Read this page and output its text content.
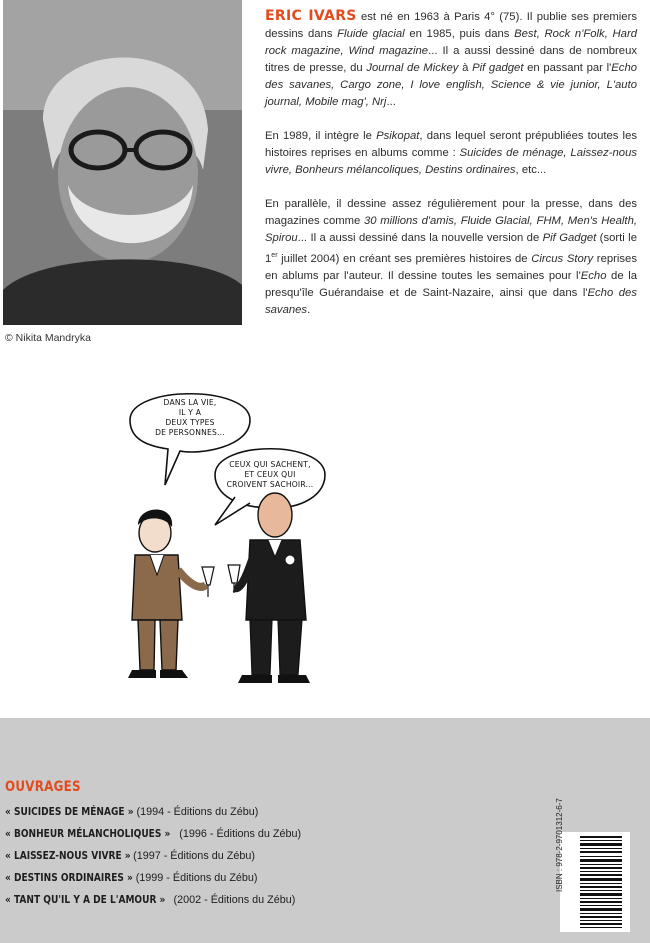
© Nikita Mandryka

ERIC IVARS est né en 1963 à Paris 4° (75). Il publie ses premiers dessins dans Fluide glacial en 1985, puis dans Best, Rock n'Folk, Hard rock magazine, Wind magazine... Il a aussi dessiné dans de nombreux titres de presse, du Journal de Mickey à Pif gadget en passant par l'Echo des savanes, Cargo zone, I love english, Science & vie junior, L'auto journal, Mobile mag', Nrj...

En 1989, il intègre le Psikopat, dans lequel seront prépubliées toutes les histoires reprises en albums comme : Suicides de ménage, Laissez-nous vivre, Bonheurs mélancoliques, Destins ordinaires, etc...

En parallèle, il dessine assez régulièrement pour la presse, dans des magazines comme 30 millions d'amis, Fluide Glacial, FHM, Men's Health, Spirou... Il a aussi dessiné dans la nouvelle version de Pif Gadget (sorti le 1er juillet 2004) en créant ses premières histoires de Circus Story reprises en ablums par l'auteur. Il dessine toutes les semaines pour l'Echo de la presqu'île Guérandaise et de Saint-Nazaire, ainsi que dans l'Echo des savanes.

DANS LA VIE,
IL Y A
DEUX TYPES
DE PERSONNES...
CEUX QUI SACHENT,
ET CEUX QUI
CROIVENT SACHOIR...
OUVRAGES
« SUICIDES DE MÉNAGE » (1994 - Éditions du Zébu)
« BONHEUR MÉLANCHOLIQUES » (1996 - Éditions du Zébu)
« LAISSEZ-NOUS VIVRE » (1997 - Éditions du Zébu)
« DESTINS ORDINAIRES » (1999 - Éditions du Zébu)
« TANT QU'IL Y A DE L'AMOUR » (2002 - Éditions du Zébu)
ISBN : 978-2-9701312-6-7
